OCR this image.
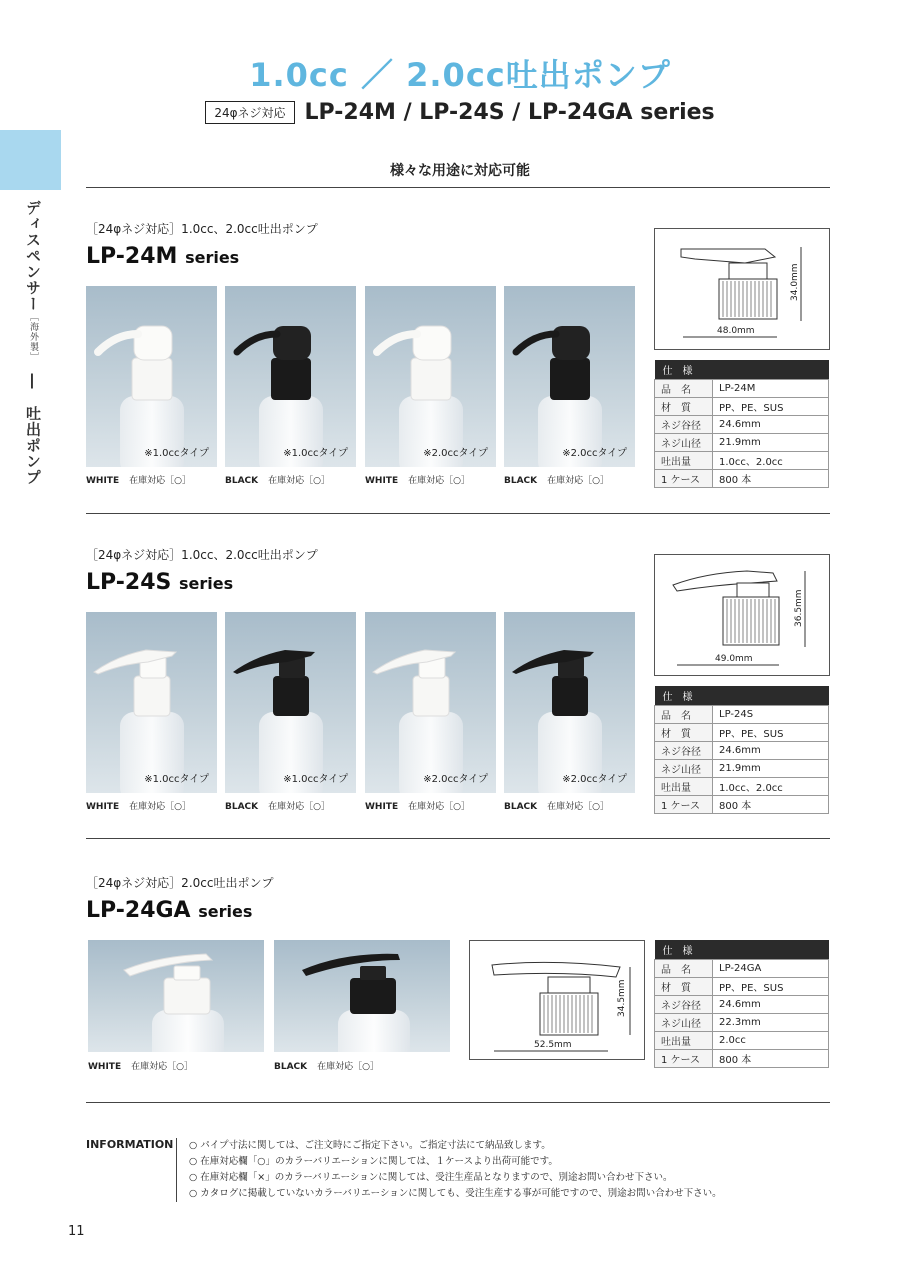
1.0cc ／ 2.0cc吐出ポンプ
24φネジ対応 LP-24M / LP-24S / LP-24GA series
様々な用途に対応可能
ディスペンサー［海外製］　―　吐出ポンプ
［24φネジ対応］1.0cc、2.0cc吐出ポンプ
LP-24M series
※1.0ccタイプ	※1.0ccタイプ	※2.0ccタイプ	※2.0ccタイプ
WHITE 在庫対応［○］	BLACK 在庫対応［○］	WHITE 在庫対応［○］	BLACK 在庫対応［○］
48.0mm
34.0mm
仕　様	
品　名	LP-24M
材　質	PP、PE、SUS
ネジ谷径	24.6mm
ネジ山径	21.9mm
吐出量	1.0cc、2.0cc
1 ケース	800 本
［24φネジ対応］1.0cc、2.0cc吐出ポンプ
LP-24S series
※1.0ccタイプ	※1.0ccタイプ	※2.0ccタイプ	※2.0ccタイプ
WHITE 在庫対応［○］	BLACK 在庫対応［○］	WHITE 在庫対応［○］	BLACK 在庫対応［○］
49.0mm
36.5mm
仕　様	
品　名	LP-24S
材　質	PP、PE、SUS
ネジ谷径	24.6mm
ネジ山径	21.9mm
吐出量	1.0cc、2.0cc
1 ケース	800 本
［24φネジ対応］2.0cc吐出ポンプ
LP-24GA series
WHITE 在庫対応［○］	BLACK 在庫対応［○］
52.5mm
34.5mm
仕　様	
品　名	LP-24GA
材　質	PP、PE、SUS
ネジ谷径	24.6mm
ネジ山径	22.3mm
吐出量	2.0cc
1 ケース	800 本
INFORMATION ○ パイプ寸法に関しては、ご注文時にご指定下さい。ご指定寸法にて納品致します。
○ 在庫対応欄「○」のカラーバリエーションに関しては、１ケースより出荷可能です。
○ 在庫対応欄「×」のカラーバリエーションに関しては、受注生産品となりますので、別途お問い合わせ下さい。
○ カタログに掲載していないカラーバリエーションに関しても、受注生産する事が可能ですので、別途お問い合わせ下さい。
11
